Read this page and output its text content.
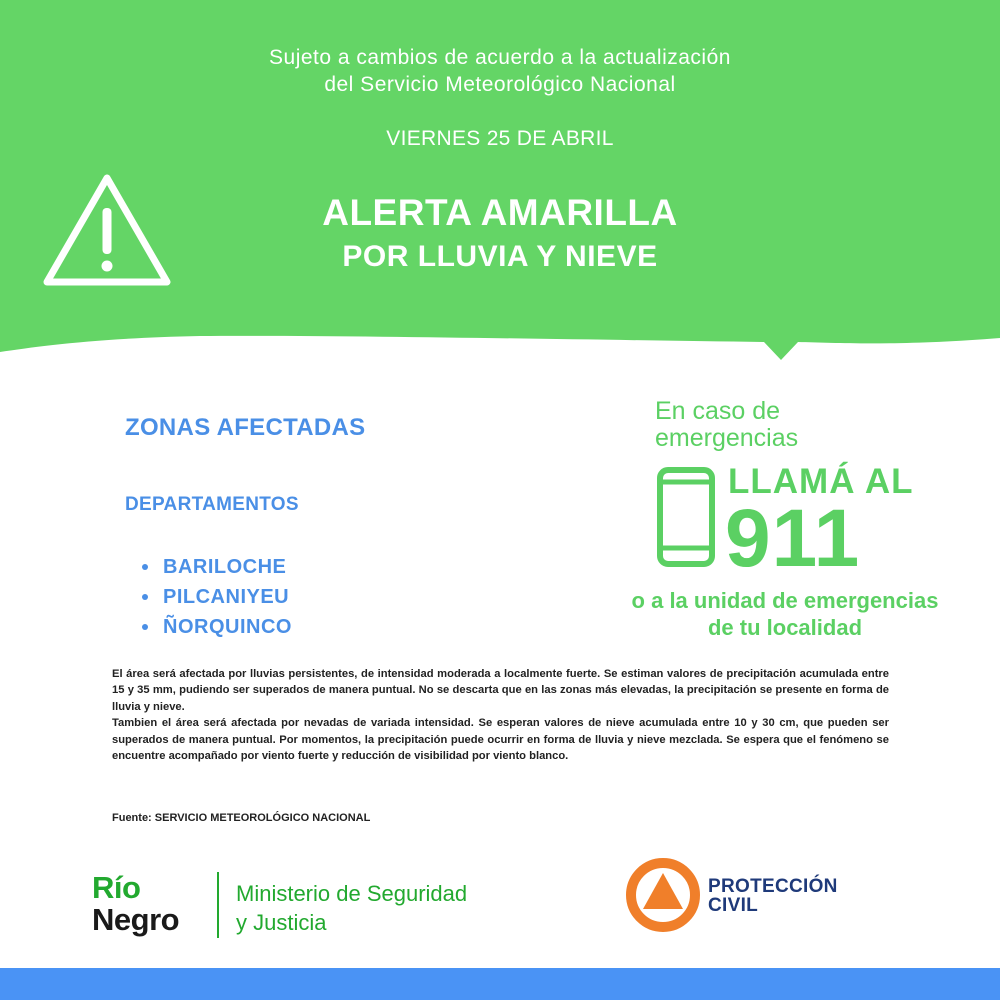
Sujeto a cambios de acuerdo a la actualización
del Servicio Meteorológico Nacional
VIERNES 25 DE ABRIL
ALERTA AMARILLA
POR LLUVIA Y NIEVE
ZONAS AFECTADAS
DEPARTAMENTOS
BARILOCHE
PILCANIYEU
ÑORQUINCO
En caso de
emergencias
LLAMÁ AL
911
o a la unidad de emergencias
de tu localidad

El área será afectada por lluvias persistentes, de intensidad moderada a localmente fuerte. Se estiman valores de precipitación acumulada entre 15 y 35 mm, pudiendo ser superados de manera puntual. No se descarta que en las zonas más elevadas, la precipitación se presente en forma de lluvia y nieve.

Tambien el área será afectada por nevadas de variada intensidad. Se esperan valores de nieve acumulada entre 10 y 30 cm, que pueden ser superados de manera puntual. Por momentos, la precipitación puede ocurrir en forma de lluvia y nieve mezclada. Se espera que el fenómeno se encuentre acompañado por viento fuerte y reducción de visibilidad por viento blanco.

Fuente: SERVICIO METEOROLÓGICO NACIONAL
Río
Negro
Ministerio de Seguridad
y Justicia
PROTECCIÓN
CIVIL
